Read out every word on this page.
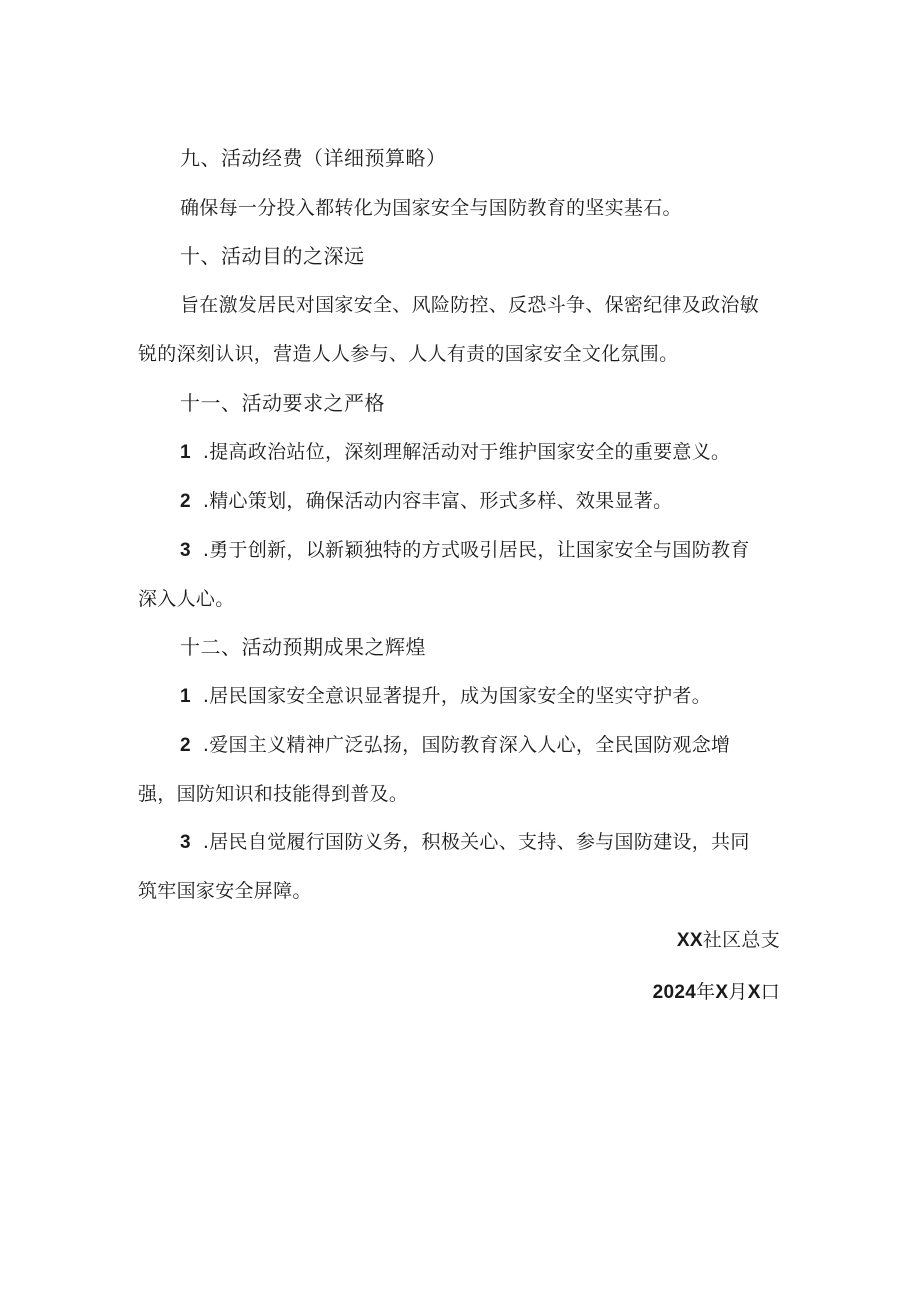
九、活动经费（详细预算略）
确保每一分投入都转化为国家安全与国防教育的坚实基石。
十、活动目的之深远
旨在激发居民对国家安全、风险防控、反恐斗争、保密纪律及政治敏
锐的深刻认识，营造人人参与、人人有责的国家安全文化氛围。
十一、活动要求之严格
1 .提高政治站位，深刻理解活动对于维护国家安全的重要意义。
2 .精心策划，确保活动内容丰富、形式多样、效果显著。
3 .勇于创新，以新颖独特的方式吸引居民，让国家安全与国防教育
深入人心。
十二、活动预期成果之辉煌
1 .居民国家安全意识显著提升，成为国家安全的坚实守护者。
2 .爱国主义精神广泛弘扬，国防教育深入人心，全民国防观念增
强，国防知识和技能得到普及。
3 .居民自觉履行国防义务，积极关心、支持、参与国防建设，共同
筑牢国家安全屏障。
XX社区总支
2024年X月X口
